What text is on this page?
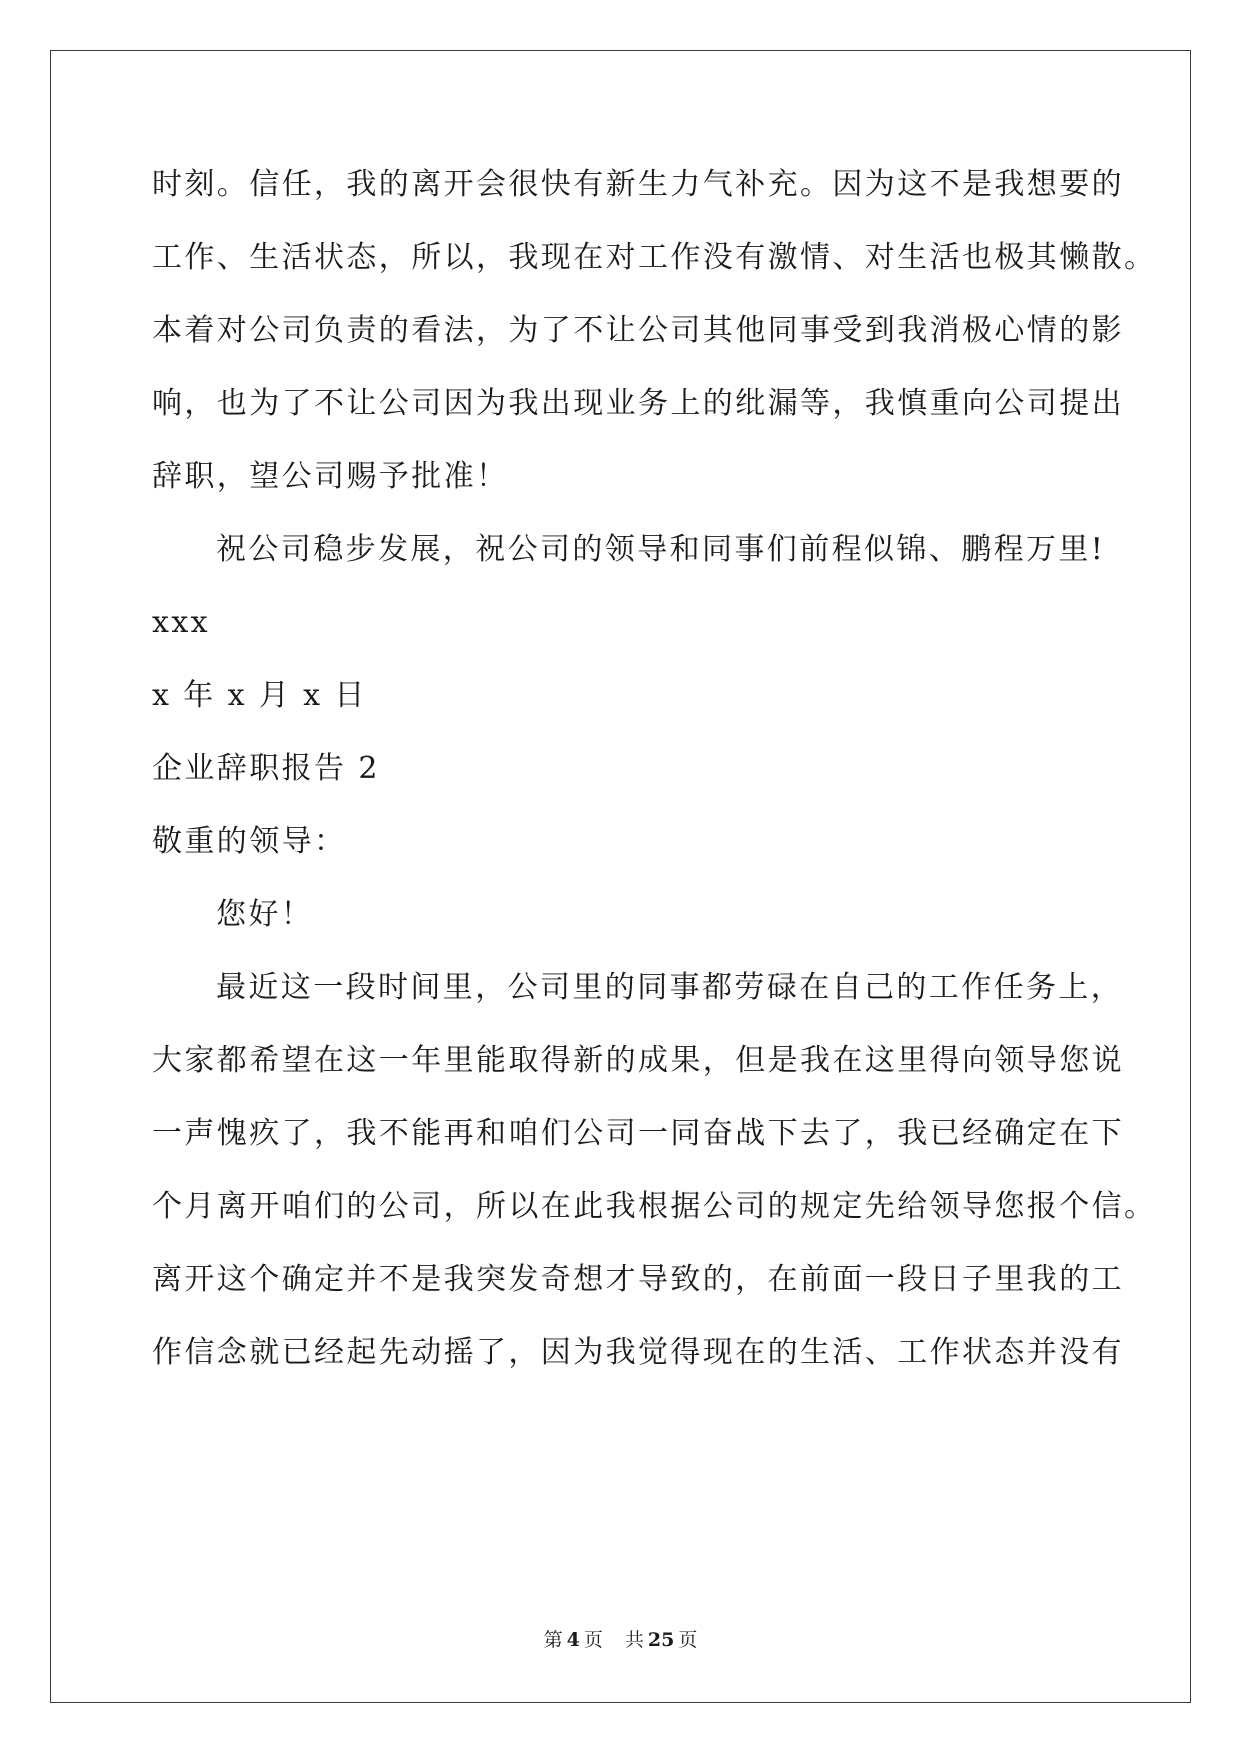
时刻。信任，我的离开会很快有新生力气补充。因为这不是我想要的
工作、生活状态，所以，我现在对工作没有激情、对生活也极其懒散。
本着对公司负责的看法，为了不让公司其他同事受到我消极心情的影
响，也为了不让公司因为我出现业务上的纰漏等，我慎重向公司提出
辞职，望公司赐予批准！
祝公司稳步发展，祝公司的领导和同事们前程似锦、鹏程万里!
xxx
x 年 x 月 x 日
企业辞职报告 2
敬重的领导：
您好！
最近这一段时间里，公司里的同事都劳碌在自己的工作任务上，
大家都希望在这一年里能取得新的成果，但是我在这里得向领导您说
一声愧疚了，我不能再和咱们公司一同奋战下去了，我已经确定在下
个月离开咱们的公司，所以在此我根据公司的规定先给领导您报个信。
离开这个确定并不是我突发奇想才导致的，在前面一段日子里我的工
作信念就已经起先动摇了，因为我觉得现在的生活、工作状态并没有
第 4 页 共 25 页
